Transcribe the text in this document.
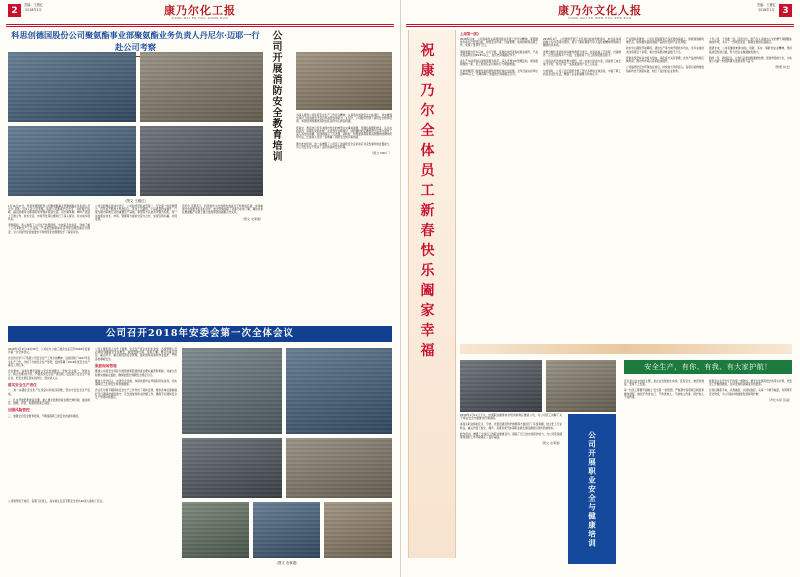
2
责编：王雅红
2018年1月	康乃尔化工报
KANG NAI ER HUA GONG BAO
科思创德国股份公司聚氨酯事业部聚氨酯业务负责人丹尼尔·迈耶一行赴公司考察	公司开展消防安全教育培训
（图文 王雅红）

1月16日17日，科思创德国股份公司聚氨酯事业部聚氨酯业务负责人丹尼尔·迈耶一行6人赴公司考察。集团公司董事长宋志平、总经理王俊峰、副总经理李文峰等陪同考察并座谈交流。双方就苯胺、MDI产业链上下游合作、技术交流、市场开发等议题进行了深入探讨，并达成多项共识。

考察期间，客人参观了公司生产装置现场、中控室及化验室，详细了解了公司苯胺生产工艺流程、产品质量控制体系及环保治理设施运行情况，对公司现代化的装置水平和规范化的管理给予了高度评价。

公司总经理在座谈中表示，公司始终坚持质量第一、安全第一的发展理念，近年来不断加大科技投入，优化工艺路线，产品质量稳步提升，已成为国内苯胺行业的重要生产基地。希望双方以此次考察为契机，进一步加强在技术、市场、管理等方面的交流与合作，实现互利共赢、共同发展。

丹尼尔·迈耶表示，科思创作为全球领先的高分子材料供应商，非常重视与中国优秀企业的合作，此次考察加深了对康乃尔的了解，期待未来在聚氨酯产业链上建立更加紧密的战略合作关系。

（图文 农事通）

为深入贯彻公司年度安全生产工作会议精神，认真落实消防安全主体责任，切实增强全体员工的消防安全意识和自防自救能力，1月份，公司组织开展了消防安全教育培训。本次培训特邀市消防支队宣传中心教官授课。

培训中，教官结合近年来国内发生的典型火灾事故案例，用通俗易懂的语言，从火灾的起因、初期火灾的扑救、火灾逃生自救常识、消防器材的正确使用方法等方面作了深入浅出的讲解，并现场演示了灭火器、消防栓、防毒面具等常用消防器材的操作使用方法，让参训人员进一步掌握了消防安全知识和技能。

通过此次培训，进一步增强了公司员工的消防安全意识和应对突发事件的处置能力，为公司安全生产营造了良好的消防安全环境。

（图文 MDI厂）
公司召开2018年安委会第一次全体会议

2018年1月9日14时30分，公司在办公楼三楼会议室召开2018年安委会第一次全体会议。

会议传达学习了集团公司安全生产工作会议精神，总结回顾了2017年安全生产工作，分析了当前安全生产形势，安排部署了2018年度安全生产重点工作任务。

会议要求，各单位要牢固树立安全发展理念，坚持'安全第一、预防为主、综合治理'的方针，严格落实安全生产责任制，层层签订安全生产责任书，把安全责任落实到岗位、落实到人头。

落实安全生产责任

一、进一步强化安全生产红线意识和底线思维，坚决守住安全生产底线。

二、扎实开展隐患排查治理，建立健全隐患排查治理长效机制，做到责任、措施、资金、时限和预案五到位。

加强风险管控

三、加强全员安全教育培训，不断提高职工的安全技能和素质。

公司主要负责人在会上强调，安全生产是企业的生命线，各级管理人员必须时刻绷紧安全这根弦，做到警钟长鸣、常抓不懈。要突出重点部位、重点环节、重点时段的安全管理，强化现场巡查和作业监护，严防各类事故发生。

狠抓现场管理

要建立完善安全风险分级管控和隐患排查治理双重预防机制，对重大危险源实施重点监控，确保装置长周期安全稳定运行。

要加大安全投入，完善安全设施，持续改善作业环境和劳动条件，切实保障员工生命安全和身体健康。

会议还对春节期间的安全生产工作作出了具体安排，要求各单位提前做好节日期间的值班值守、应急准备和防火防爆工作，确保节日期间安全生产形势持续稳定。

（图文 农事通）

公司领导班子成员、各部门负责人、各车间主任及专职安全员共40余人参加了会议。

3
责编：王雅红
2018年1月
康乃尔文化人报
KANG NAI ER WEN HUA REN BAO
祝康乃尔全体员工新春快乐 阖家幸福
上周第一版》

2018年以来，公司各单位认真贯彻落实年度工作会议精神，紧紧围绕年度生产经营目标，狠抓安全环保、设备管理、成本控制等各项工作，实现了首季开门红。

苯胺装置自开车以来，运行平稳，各项技术经济指标稳步提升，产品优级品率达到99.8%以上，创历史同期最好水平。

各生产车间坚持以现场管理为抓手，深入开展'6S'管理活动，现场面貌焕然一新，员工的责任意识和执行力明显增强。

设备管理部门加强设备的预防性维护和状态监测，全年设备完好率达到98%以上，有效保障了装置的长周期稳定运行。

2018年1月，公司组织开展了全员岗位技能竞赛活动，来自各车间的数十名选手同台竞技，展示了新时期康乃尔人良好的精神风貌和过硬的技术本领。

竞赛分理论考试和实际操作两部分进行，内容涵盖工艺流程、设备操作、应急处置等多个方面，全面检验了员工的岗位胜任能力。

公司将以此次技能竞赛为契机，进一步加大培训力度，搭建员工成长成才平台，努力打造一支高素质的产业工人队伍。

与此同时，公司工会还组织开展了形式多样的文体活动，丰富了职工的业余文化生活，增强了企业的凝聚力和向心力。

产业链纵深推进，公司在巩固现有产品优势的基础上，积极谋划新的增长点，加快推进高附加值产品的开发和产业化进程。

技术中心围绕节能降耗、清洁生产等方向开展技术攻关，全年完成技术改造项目十余项，累计创造经济效益数千万元。

营销系统坚持以市场为导向，深化客户关系管理，优化产品结构和区域布局，国内外市场占有率稳步提升。

公司始终把安全环保放在首位，持续加大环保投入，各项污染物排放指标均优于国家标准，树立了良好的企业形象。

十年公司，十年磨一剑。回首过往，康乃尔人以敢为人先的勇气和脚踏实地的作风，书写了一部艰苦创业、跨越发展的壮丽篇章。

展望未来，公司将继续秉承'诚信、创新、务实、奉献'的企业精神，坚持高质量发展之路，努力把企业做强做优做大。

新的一年，新的起点。让我们以更加饱满的热情、更加昂扬的斗志，为实现公司新一轮的跨越式发展而努力奋斗！

（整理 快发）

2018年1月11日下午，中国职业健康协会培训讲师应邀到公司，为公司员工讲解了关于'职业安全与健康'的专题讲座。

讲座从职业病的定义、分类、危害因素及防护措施等方面进行了系统讲解，结合化工行业特点，重点介绍了粉尘、噪声、有毒有害气体等职业病危害因素的识别与防控知识。

此次培训，增强了全体员工的职业健康意识，提高了员工的自我保护能力，为公司营造健康和谐的工作环境奠定了良好基础。

（图文 农事通）	公司开展职业安全与健康培训
安全生产，有你、有我、有大家护航！

安全是企业永恒的主题，是企业发展的生命线。没有安全，就没有效益，更谈不上发展。

每一位员工都要牢固树立'安全第一'的思想，严格遵守各项规章制度和操作规程，做到不伤害自己、不伤害他人、不被他人伤害、保护他人不受伤害。

班组是企业安全生产的第一道防线，要充分发挥班组长的带头作用，把安全工作做细做实，及时发现和消除身边的隐患。

让我们携起手来，从我做起，从现在做起，从每一个细节做起，共同筑牢安全防线，为公司的持续健康发展保驾护航！

（净化车间 张磊）
